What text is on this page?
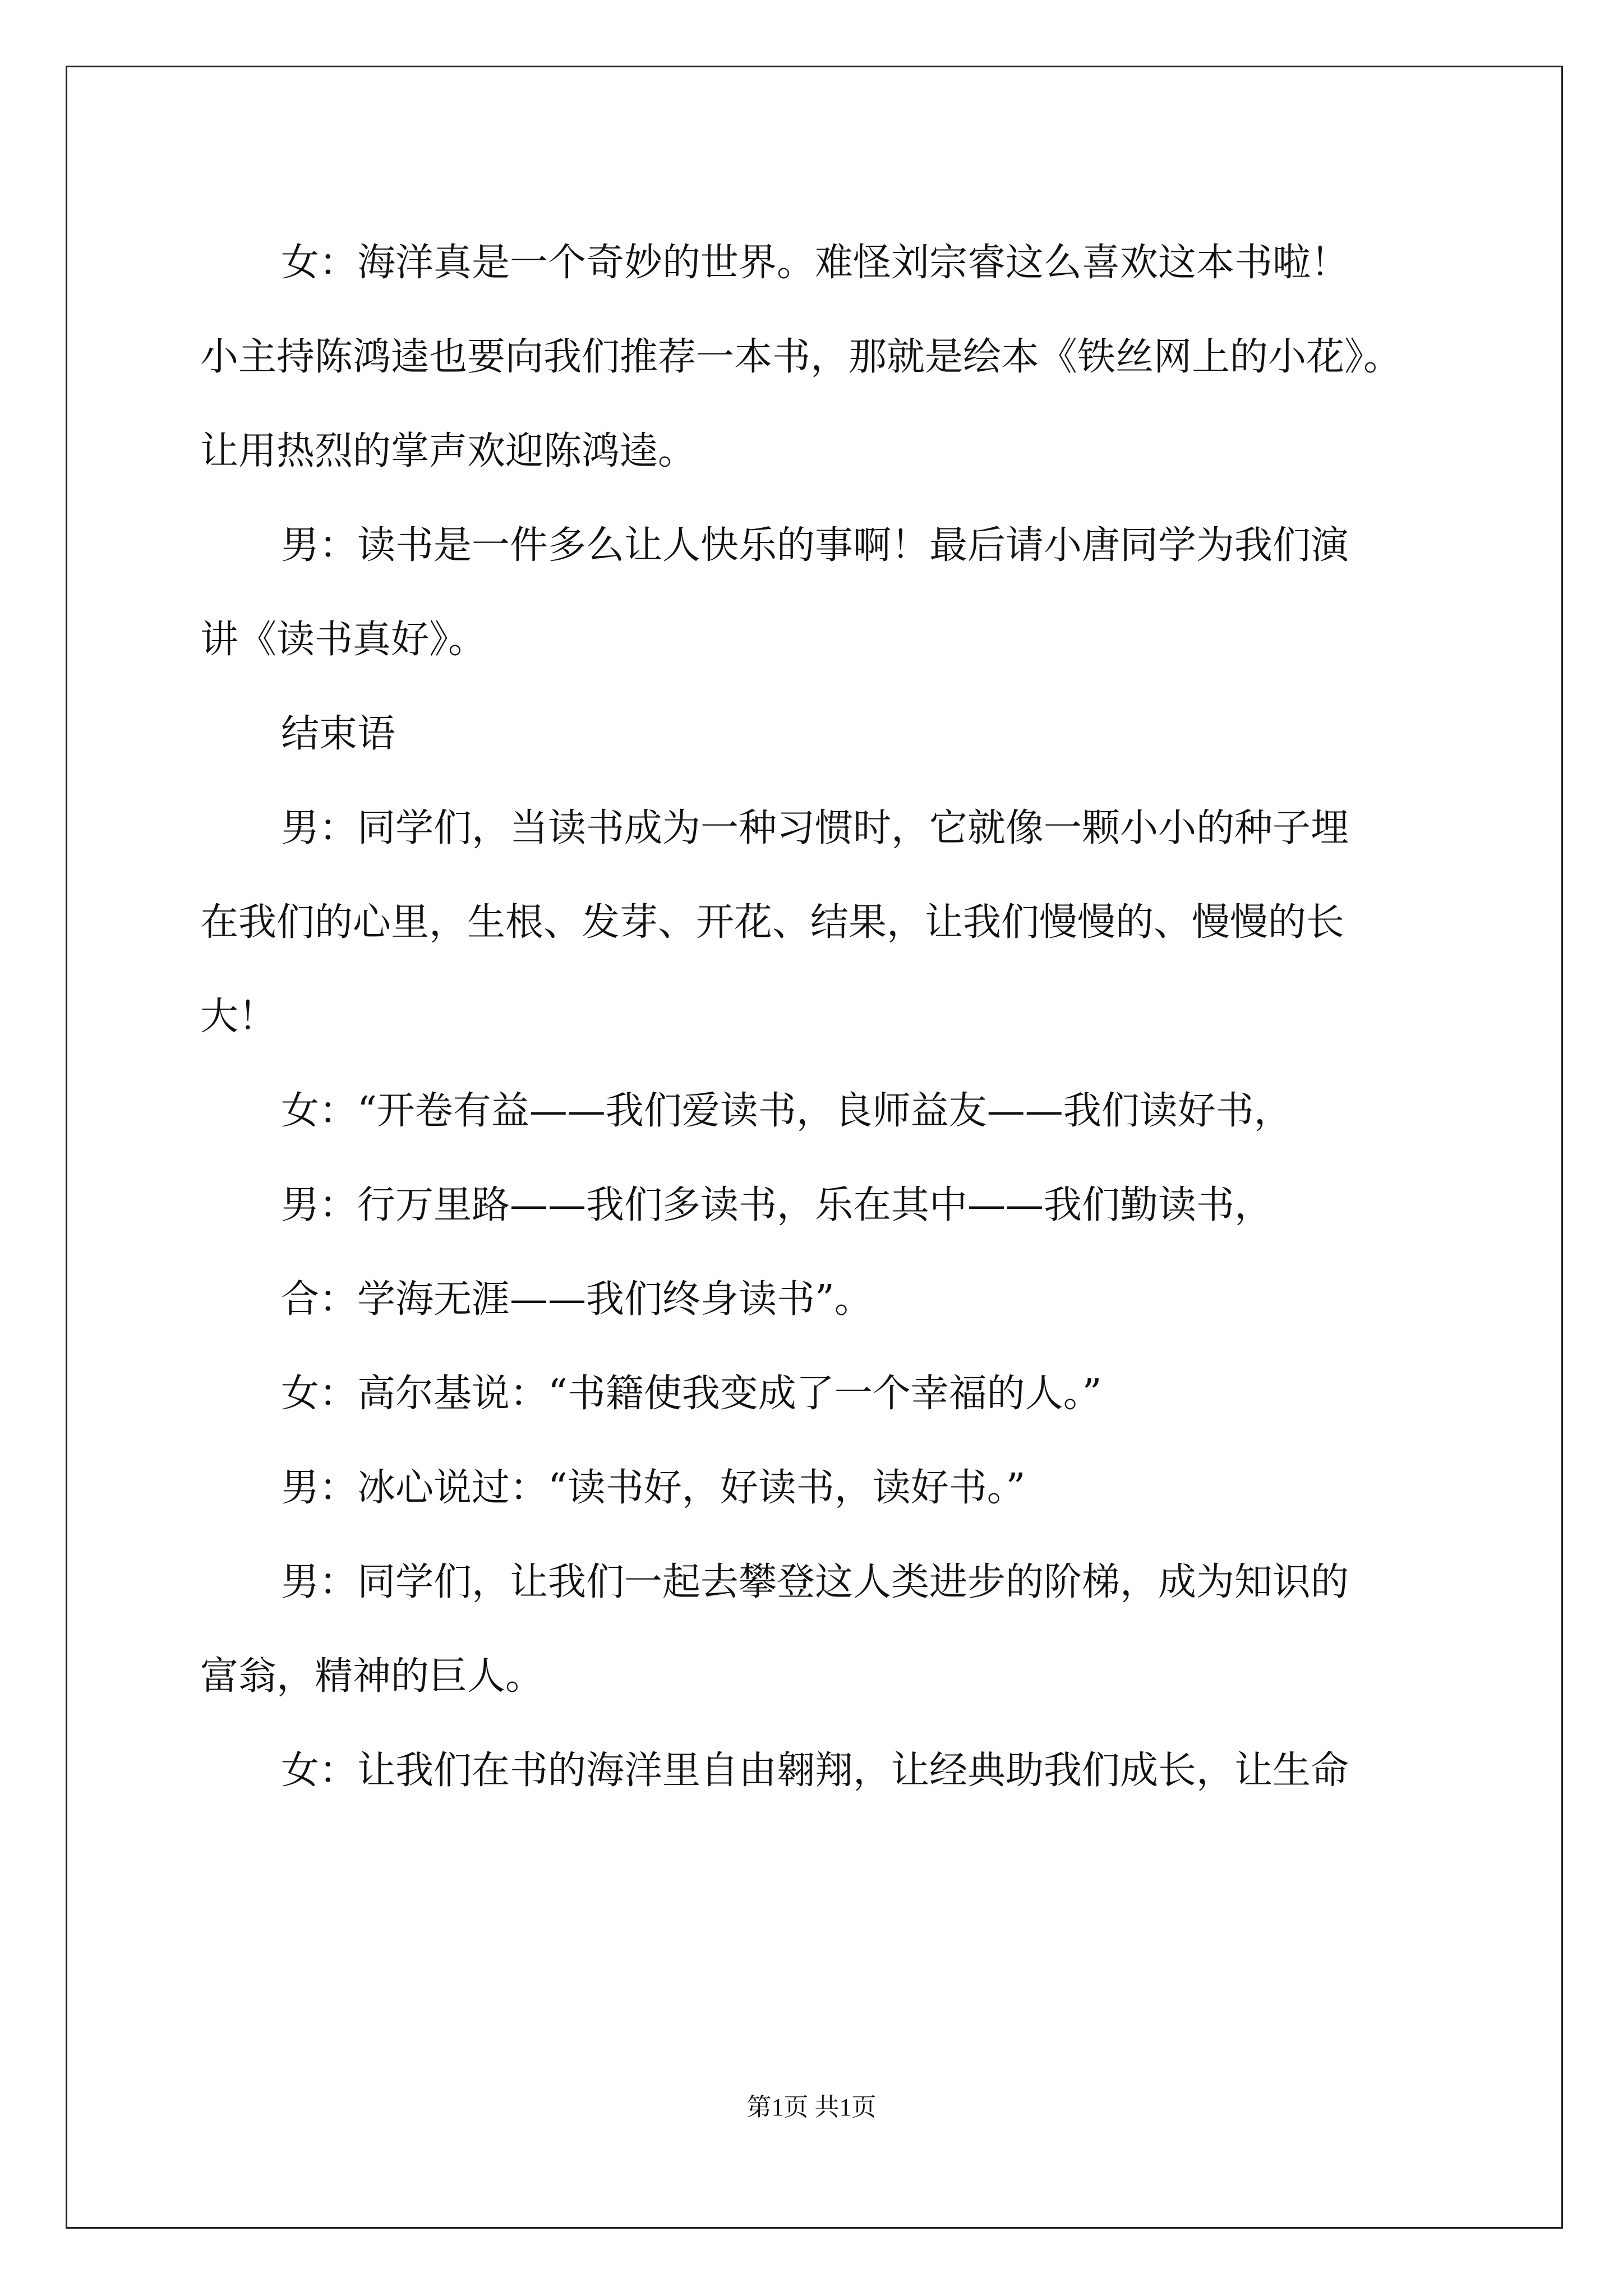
女：海洋真是一个奇妙的世界。难怪刘宗睿这么喜欢这本书啦！

小主持陈鸿逵也要向我们推荐一本书，那就是绘本《铁丝网上的小花》。

让用热烈的掌声欢迎陈鸿逵。

男：读书是一件多么让人快乐的事啊！最后请小唐同学为我们演

讲《读书真好》。

结束语

男：同学们，当读书成为一种习惯时，它就像一颗小小的种子埋

在我们的心里，生根、发芽、开花、结果，让我们慢慢的、慢慢的长

大！

女：“开卷有益——我们爱读书，良师益友——我们读好书，

男：行万里路——我们多读书，乐在其中——我们勤读书，

合：学海无涯——我们终身读书”。

女：高尔基说：“书籍使我变成了一个幸福的人。”

男：冰心说过：“读书好，好读书，读好书。”

男：同学们，让我们一起去攀登这人类进步的阶梯，成为知识的

富翁，精神的巨人。

女：让我们在书的海洋里自由翱翔，让经典助我们成长，让生命

第1页 共1页
